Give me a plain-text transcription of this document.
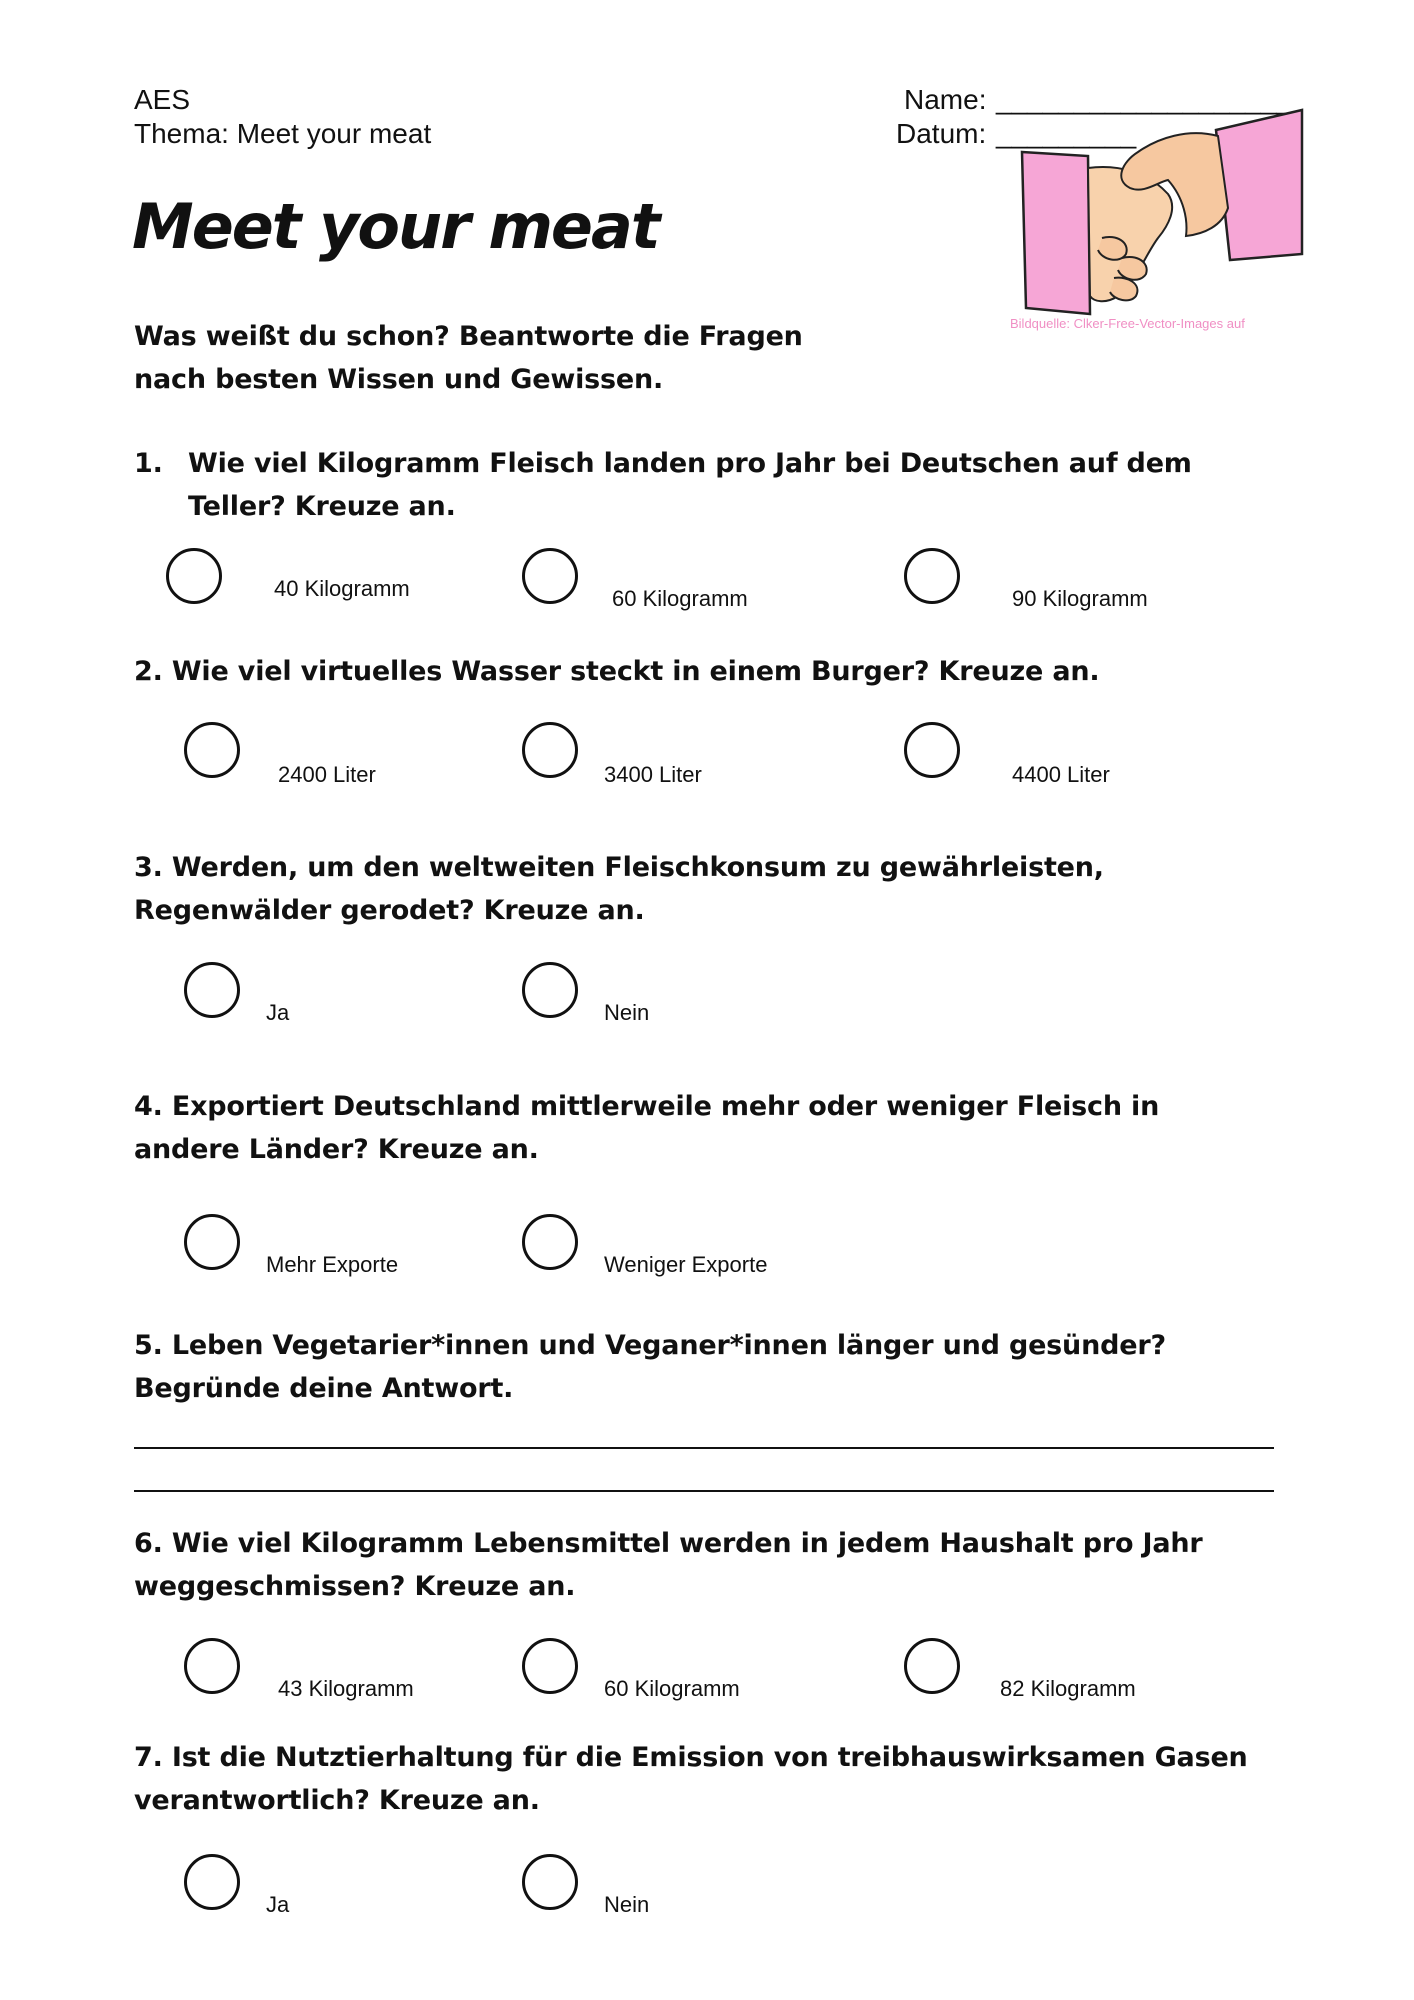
AES
Thema: Meet your meat
Name: ___________________
Datum: _________
Bildquelle: Clker-Free-Vector-Images auf
Meet your meat
Was weißt du schon? Beantworte die Fragen nach besten Wissen und Gewissen.
1. Wie viel Kilogramm Fleisch landen pro Jahr bei Deutschen auf dem Teller? Kreuze an.
40 Kilogramm	60 Kilogramm	90 Kilogramm
2. Wie viel virtuelles Wasser steckt in einem Burger? Kreuze an.
2400 Liter	3400 Liter	4400 Liter
3. Werden, um den weltweiten Fleischkonsum zu gewährleisten, Regenwälder gerodet? Kreuze an.
Ja	Nein
4. Exportiert Deutschland mittlerweile mehr oder weniger Fleisch in andere Länder? Kreuze an.
Mehr Exporte	Weniger Exporte
5. Leben Vegetarier*innen und Veganer*innen länger und gesünder? Begründe deine Antwort.
6. Wie viel Kilogramm Lebensmittel werden in jedem Haushalt pro Jahr weggeschmissen? Kreuze an.
43 Kilogramm	60 Kilogramm	82 Kilogramm
7. Ist die Nutztierhaltung für die Emission von treibhauswirksamen Gasen verantwortlich? Kreuze an.
Ja	Nein
